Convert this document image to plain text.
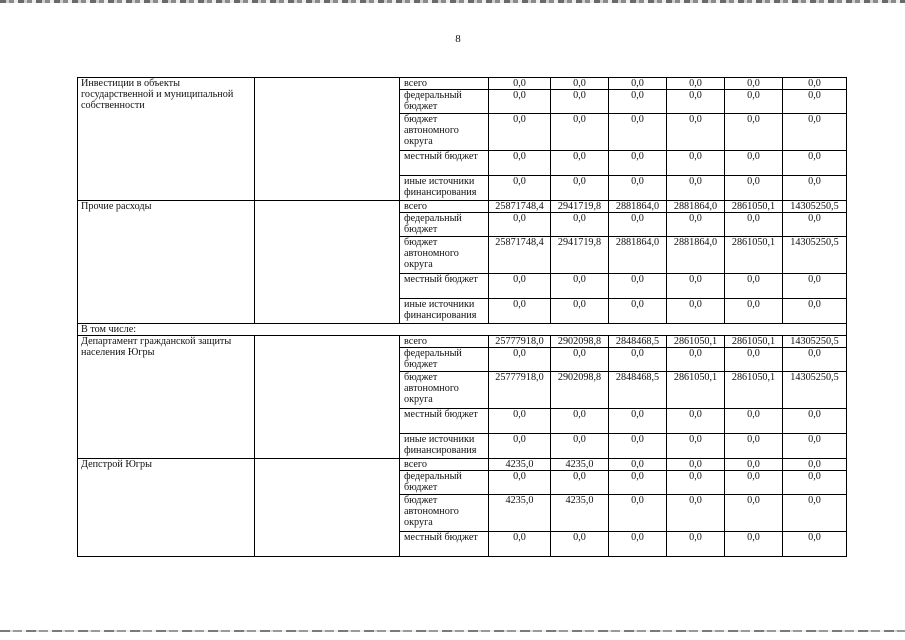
8
Инвестиции в объекты государственной и муниципальной собственности		всего	0,0	0,0	0,0	0,0	0,0	0,0
		федеральный бюджет	0,0	0,0	0,0	0,0	0,0	0,0
		бюджет автономного округа	0,0	0,0	0,0	0,0	0,0	0,0
		местный бюджет	0,0	0,0	0,0	0,0	0,0	0,0
		иные источники финансирования	0,0	0,0	0,0	0,0	0,0	0,0
Прочие расходы		всего	25871748,4	2941719,8	2881864,0	2881864,0	2861050,1	14305250,5
		федеральный бюджет	0,0	0,0	0,0	0,0	0,0	0,0
		бюджет автономного округа	25871748,4	2941719,8	2881864,0	2881864,0	2861050,1	14305250,5
		местный бюджет	0,0	0,0	0,0	0,0	0,0	0,0
		иные источники финансирования	0,0	0,0	0,0	0,0	0,0	0,0
В том числе:								
Департамент гражданской защиты населения Югры		всего	25777918,0	2902098,8	2848468,5	2861050,1	2861050,1	14305250,5
		федеральный бюджет	0,0	0,0	0,0	0,0	0,0	0,0
		бюджет автономного округа	25777918,0	2902098,8	2848468,5	2861050,1	2861050,1	14305250,5
		местный бюджет	0,0	0,0	0,0	0,0	0,0	0,0
		иные источники финансирования	0,0	0,0	0,0	0,0	0,0	0,0
Депстрой Югры		всего	4235,0	4235,0	0,0	0,0	0,0	0,0
		федеральный бюджет	0,0	0,0	0,0	0,0	0,0	0,0
		бюджет автономного округа	4235,0	4235,0	0,0	0,0	0,0	0,0
		местный бюджет	0,0	0,0	0,0	0,0	0,0	0,0
